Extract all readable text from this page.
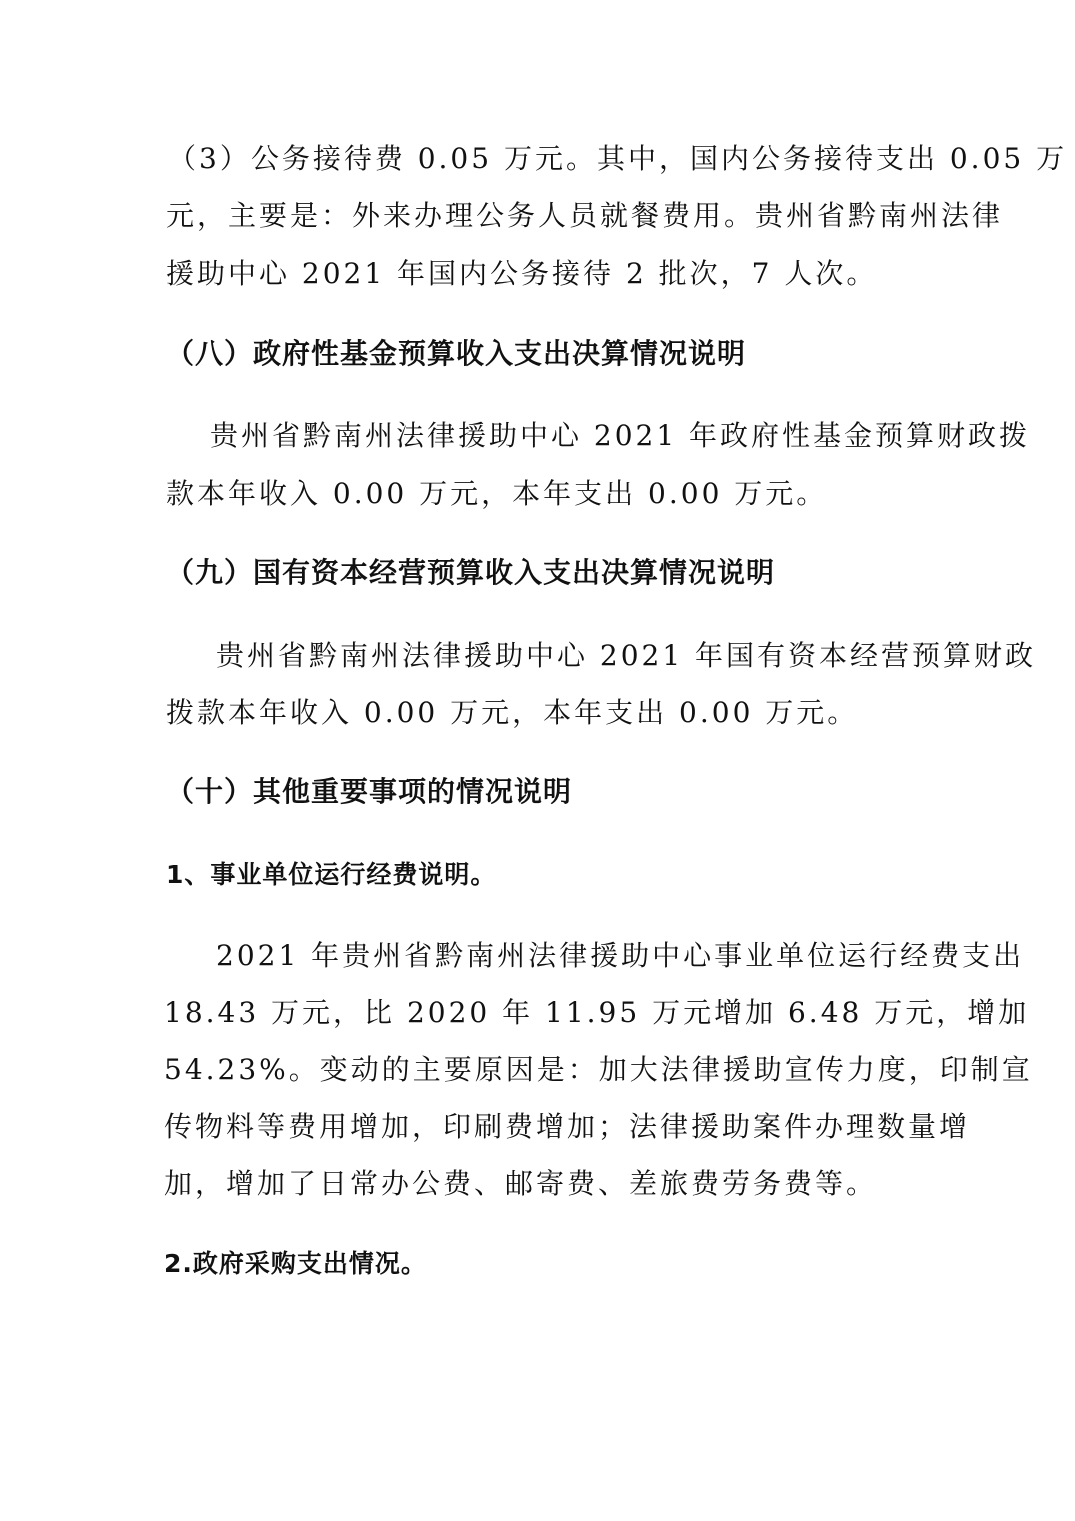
（3）公务接待费 0.05 万元。其中，国内公务接待支出 0.05 万
元，主要是：外来办理公务人员就餐费用。贵州省黔南州法律
援助中心 2021 年国内公务接待 2 批次，7 人次。
（八）政府性基金预算收入支出决算情况说明
贵州省黔南州法律援助中心 2021 年政府性基金预算财政拨
款本年收入 0.00 万元，本年支出 0.00 万元。
（九）国有资本经营预算收入支出决算情况说明
贵州省黔南州法律援助中心 2021 年国有资本经营预算财政
拨款本年收入 0.00 万元，本年支出 0.00 万元。
（十）其他重要事项的情况说明
1、事业单位运行经费说明。
2021 年贵州省黔南州法律援助中心事业单位运行经费支出
18.43 万元，比 2020 年 11.95 万元增加 6.48 万元，增加
54.23%。变动的主要原因是：加大法律援助宣传力度，印制宣
传物料等费用增加，印刷费增加；法律援助案件办理数量增
加，增加了日常办公费、邮寄费、差旅费劳务费等。
2.政府采购支出情况。
